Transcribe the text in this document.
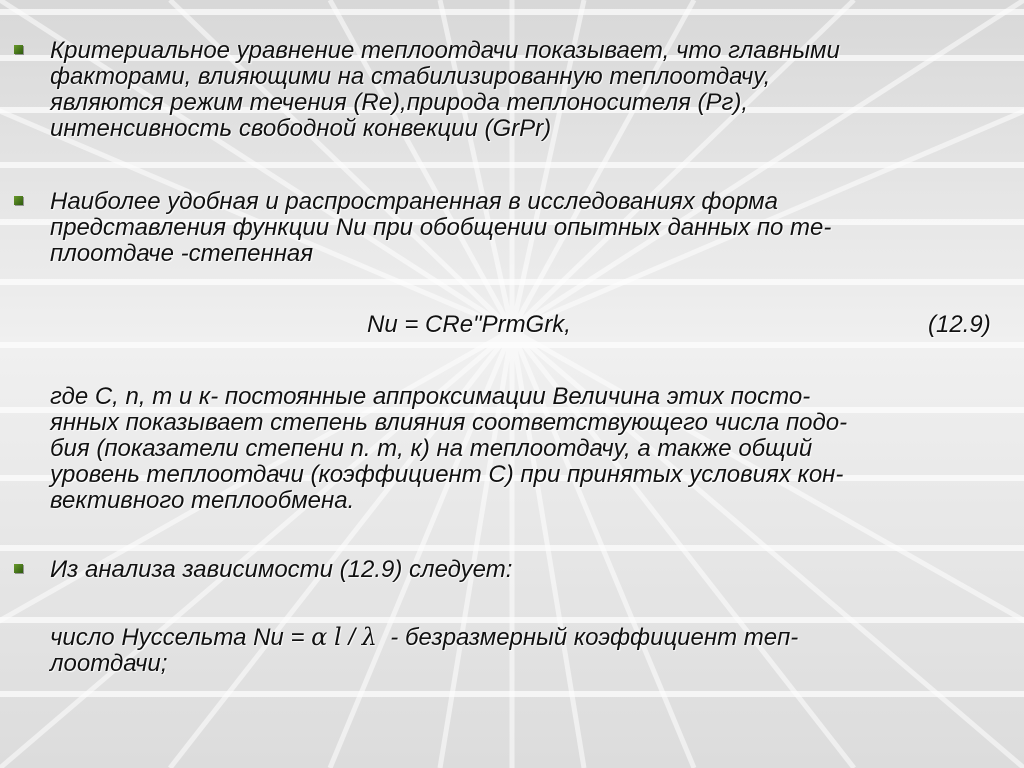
Критериальное уравнение теплоотдачи показывает, что главными
факторами, влияющими на стабилизированную теплоотдачу,
являются режим течения (Re),природа теплоносителя (Рг),
интенсивность свободной конвекции (GrPr)
Наиболее удобная и распространенная в исследованиях форма
представления функции Nu при обобщении опытных данных по те-
плоотдаче -степенная
Nu = CRe"PrmGrk,	(12.9)
где С, n, m и к- постоянные аппроксимации Величина этих посто-
янных показывает степень влияния соответствующего числа подо-
бия (показатели степени n. m, к) на теплоотдачу, а также общий
уровень теплоотдачи (коэффициент С) при принятых условиях кон-
вективного теплообмена.
Из анализа зависимости (12.9) следует:
число Нуссельта Nu = α l / λ - безразмерный коэффициент теп-
лоотдачи;
